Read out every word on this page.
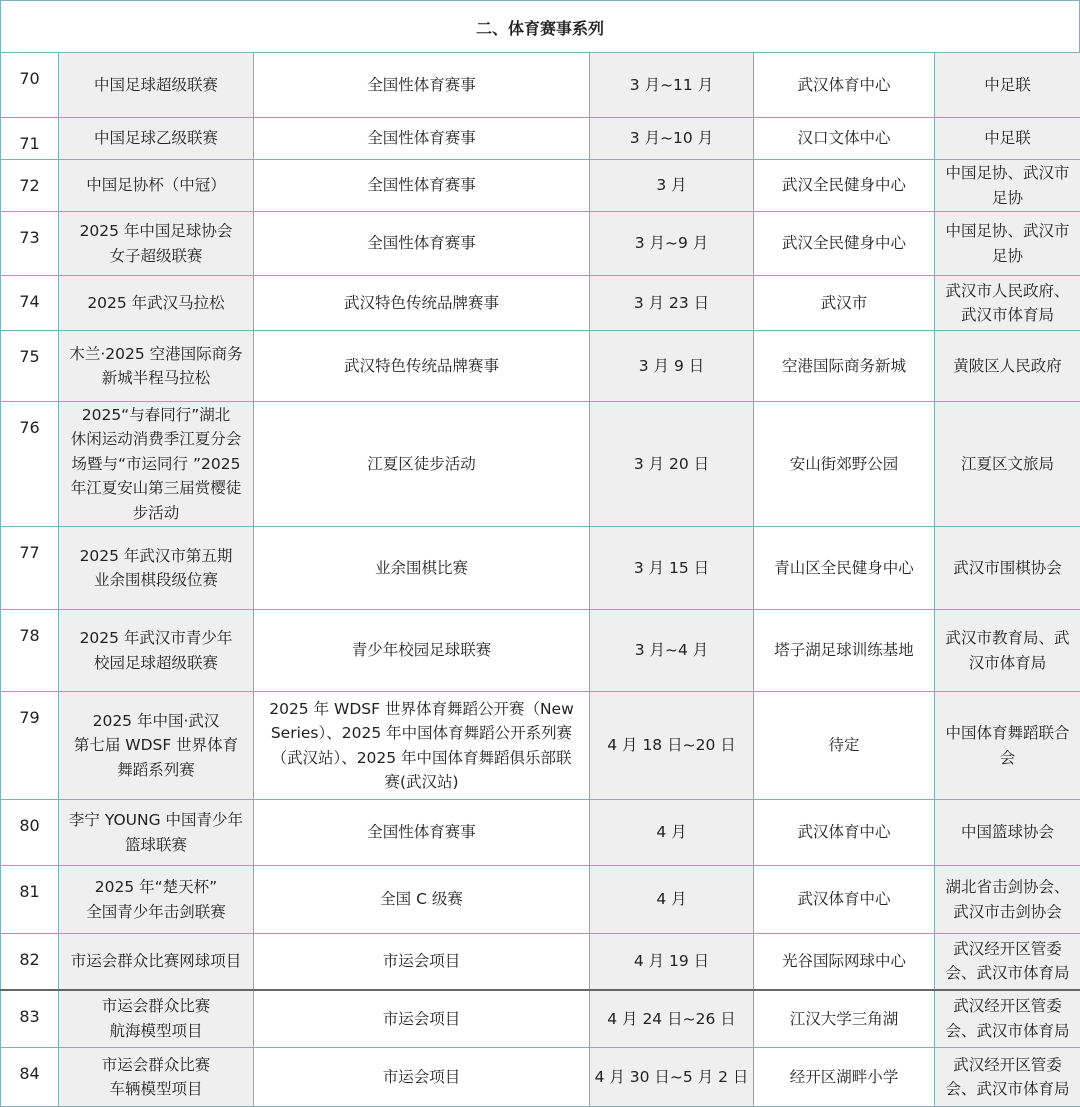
二、体育赛事系列
70	中国足球超级联赛	全国性体育赛事	3 月~11 月	武汉体育中心	中足联
71	中国足球乙级联赛	全国性体育赛事	3 月~10 月	汉口文体中心	中足联
72	中国足协杯（中冠）	全国性体育赛事	3 月	武汉全民健身中心	中国足协、武汉市
足协
73	2025 年中国足球协会
女子超级联赛	全国性体育赛事	3 月~9 月	武汉全民健身中心	中国足协、武汉市
足协
74	2025 年武汉马拉松	武汉特色传统品牌赛事	3 月 23 日	武汉市	武汉市人民政府、
武汉市体育局
75	木兰·2025 空港国际商务
新城半程马拉松	武汉特色传统品牌赛事	3 月 9 日	空港国际商务新城	黄陂区人民政府
76	2025“与春同行”湖北
休闲运动消费季江夏分会
场暨与“市运同行 ”2025
年江夏安山第三届赏樱徒
步活动	江夏区徒步活动	3 月 20 日	安山街郊野公园	江夏区文旅局
77	2025 年武汉市第五期
业余围棋段级位赛	业余围棋比赛	3 月 15 日	青山区全民健身中心	武汉市围棋协会
78	2025 年武汉市青少年
校园足球超级联赛	青少年校园足球联赛	3 月~4 月	塔子湖足球训练基地	武汉市教育局、武
汉市体育局
79	2025 年中国·武汉
第七届 WDSF 世界体育
舞蹈系列赛	2025 年 WDSF 世界体育舞蹈公开赛（New
Series）、2025 年中国体育舞蹈公开系列赛
（武汉站）、2025 年中国体育舞蹈俱乐部联
赛(武汉站)	4 月 18 日~20 日	待定	中国体育舞蹈联合
会
80	李宁 YOUNG 中国青少年
篮球联赛	全国性体育赛事	4 月	武汉体育中心	中国篮球协会
81	2025 年“楚天杯”
全国青少年击剑联赛	全国 C 级赛	4 月	武汉体育中心	湖北省击剑协会、
武汉市击剑协会
82	市运会群众比赛网球项目	市运会项目	4 月 19 日	光谷国际网球中心	武汉经开区管委
会、武汉市体育局
83	市运会群众比赛
航海模型项目	市运会项目	4 月 24 日~26 日	江汉大学三角湖	武汉经开区管委
会、武汉市体育局
84	市运会群众比赛
车辆模型项目	市运会项目	4 月 30 日~5 月 2 日	经开区湖畔小学	武汉经开区管委
会、武汉市体育局
